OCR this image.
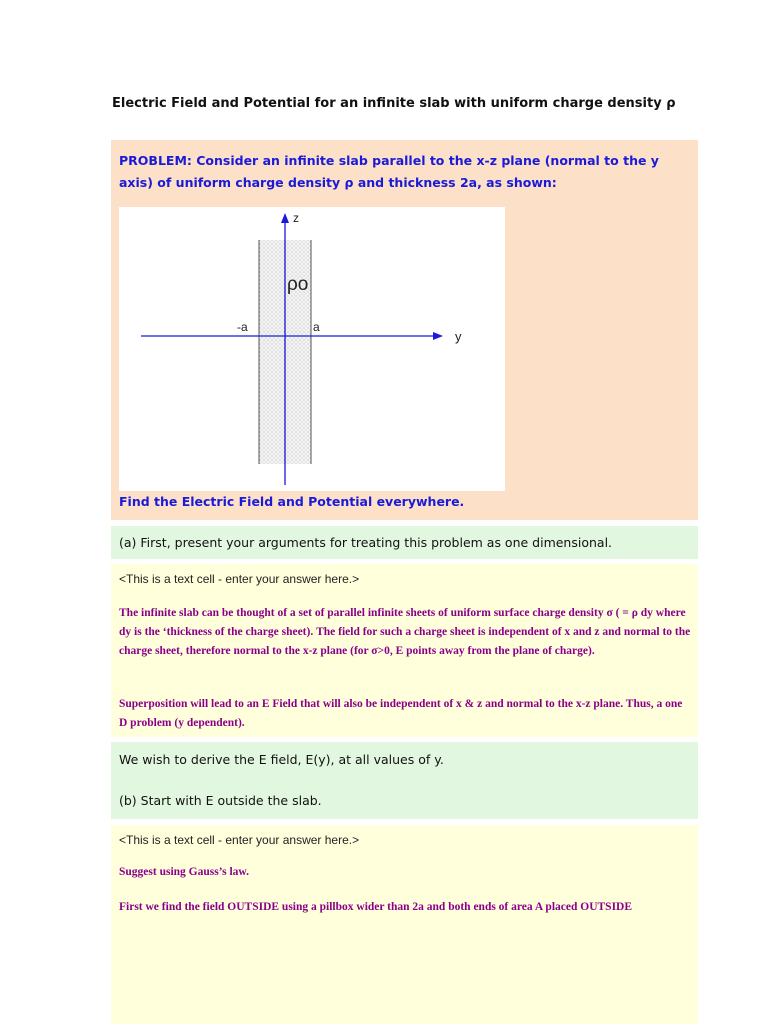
Electric Field and Potential for an infinite slab with uniform charge density ρ
PROBLEM: Consider an infinite slab parallel to the x-z plane (normal to the y axis) of uniform charge density ρ and thickness 2a, as shown:
z
y
ρo
-a	a
Find the Electric Field and Potential everywhere.
(a) First, present your arguments for treating this problem as one dimensional.
<This is a text cell - enter your answer here.>
The infinite slab can be thought of a set of parallel infinite sheets of uniform surface charge density σ ( = ρ dy where dy is the ‘thickness of the charge sheet). The field for such a charge sheet is independent of x and z and normal to the charge sheet, therefore normal to the x-z plane (for σ>0, E points away from the plane of charge).
Superposition will lead to an E Field that will also be independent of x & z and normal to the x-z plane. Thus, a one D problem (y dependent).
We wish to derive the E field, E(y), at all values of y.
(b) Start with E outside the slab.
<This is a text cell - enter your answer here.>
Suggest using Gauss’s law.
First we find the field OUTSIDE using a pillbox wider than 2a and both ends of area A placed OUTSIDE
